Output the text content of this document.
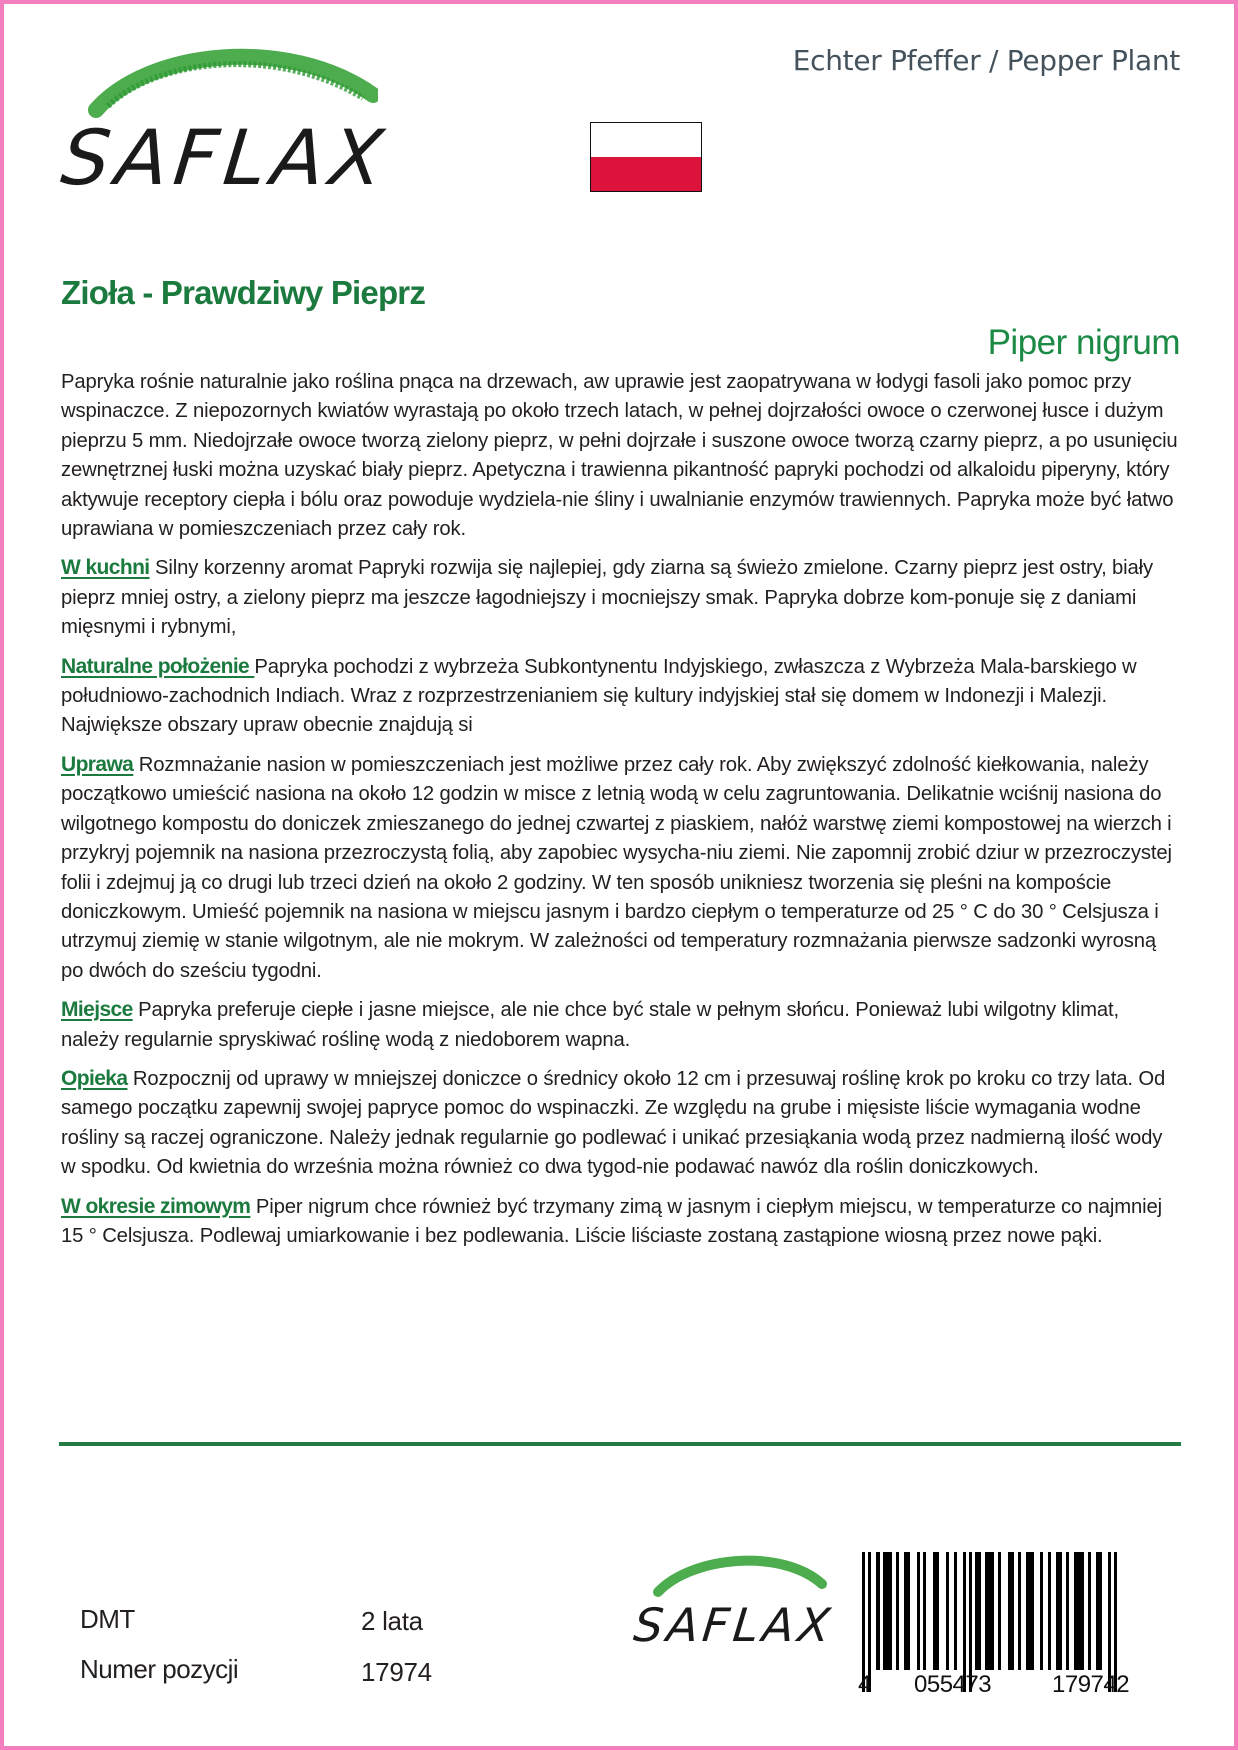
SAFLAX
Echter Pfeffer / Pepper Plant
Zioła - Prawdziwy Pieprz
Piper nigrum

Papryka rośnie naturalnie jako roślina pnąca na drzewach, aw uprawie jest zaopatrywana w łodygi fasoli jako pomoc przy wspinaczce. Z niepozornych kwiatów wyrastają po około trzech latach, w pełnej dojrzałości owoce o czerwonej łusce i dużym pieprzu 5 mm. Niedojrzałe owoce tworzą zielony pieprz, w pełni dojrzałe i suszone owoce tworzą czarny pieprz, a po usunięciu zewnętrznej łuski można uzyskać biały pieprz. Apetyczna i trawienna pikantność papryki pochodzi od alkaloidu piperyny, który aktywuje receptory ciepła i bólu oraz powoduje wydziela-nie śliny i uwalnianie enzymów trawiennych. Papryka może być łatwo uprawiana w pomieszczeniach przez cały rok.

W kuchni Silny korzenny aromat Papryki rozwija się najlepiej, gdy ziarna są świeżo zmielone. Czarny pieprz jest ostry, biały pieprz mniej ostry, a zielony pieprz ma jeszcze łagodniejszy i mocniejszy smak. Papryka dobrze kom-ponuje się z daniami mięsnymi i rybnymi,

Naturalne położenie Papryka pochodzi z wybrzeża Subkontynentu Indyjskiego, zwłaszcza z Wybrzeża Mala-barskiego w południowo-zachodnich Indiach. Wraz z rozprzestrzenianiem się kultury indyjskiej stał się domem w Indonezji i Malezji. Największe obszary upraw obecnie znajdują si

Uprawa Rozmnażanie nasion w pomieszczeniach jest możliwe przez cały rok. Aby zwiększyć zdolność kiełkowania, należy początkowo umieścić nasiona na około 12 godzin w misce z letnią wodą w celu zagruntowania. Delikatnie wciśnij nasiona do wilgotnego kompostu do doniczek zmieszanego do jednej czwartej z piaskiem, nałóż warstwę ziemi kompostowej na wierzch i przykryj pojemnik na nasiona przezroczystą folią, aby zapobiec wysycha-niu ziemi. Nie zapomnij zrobić dziur w przezroczystej folii i zdejmuj ją co drugi lub trzeci dzień na około 2 godziny. W ten sposób unikniesz tworzenia się pleśni na kompoście doniczkowym. Umieść pojemnik na nasiona w miejscu jasnym i bardzo ciepłym o temperaturze od 25 ° C do 30 ° Celsjusza i utrzymuj ziemię w stanie wilgotnym, ale nie mokrym. W zależności od temperatury rozmnażania pierwsze sadzonki wyrosną po dwóch do sześciu tygodni.

Miejsce Papryka preferuje ciepłe i jasne miejsce, ale nie chce być stale w pełnym słońcu. Ponieważ lubi wilgotny klimat, należy regularnie spryskiwać roślinę wodą z niedoborem wapna.

Opieka Rozpocznij od uprawy w mniejszej doniczce o średnicy około 12 cm i przesuwaj roślinę krok po kroku co trzy lata. Od samego początku zapewnij swojej papryce pomoc do wspinaczki. Ze względu na grube i mięsiste liście wymagania wodne rośliny są raczej ograniczone. Należy jednak regularnie go podlewać i unikać przesiąkania wodą przez nadmierną ilość wody w spodku. Od kwietnia do września można również co dwa tygod-nie podawać nawóz dla roślin doniczkowych.

W okresie zimowym Piper nigrum chce również być trzymany zimą w jasnym i ciepłym miejscu, w temperaturze co najmniej 15 ° Celsjusza. Podlewaj umiarkowanie i bez podlewania. Liście liściaste zostaną zastąpione wiosną przez nowe pąki.

DMT	2 lata
Numer pozycji	17974
SAFLAX
4 055473	179742
